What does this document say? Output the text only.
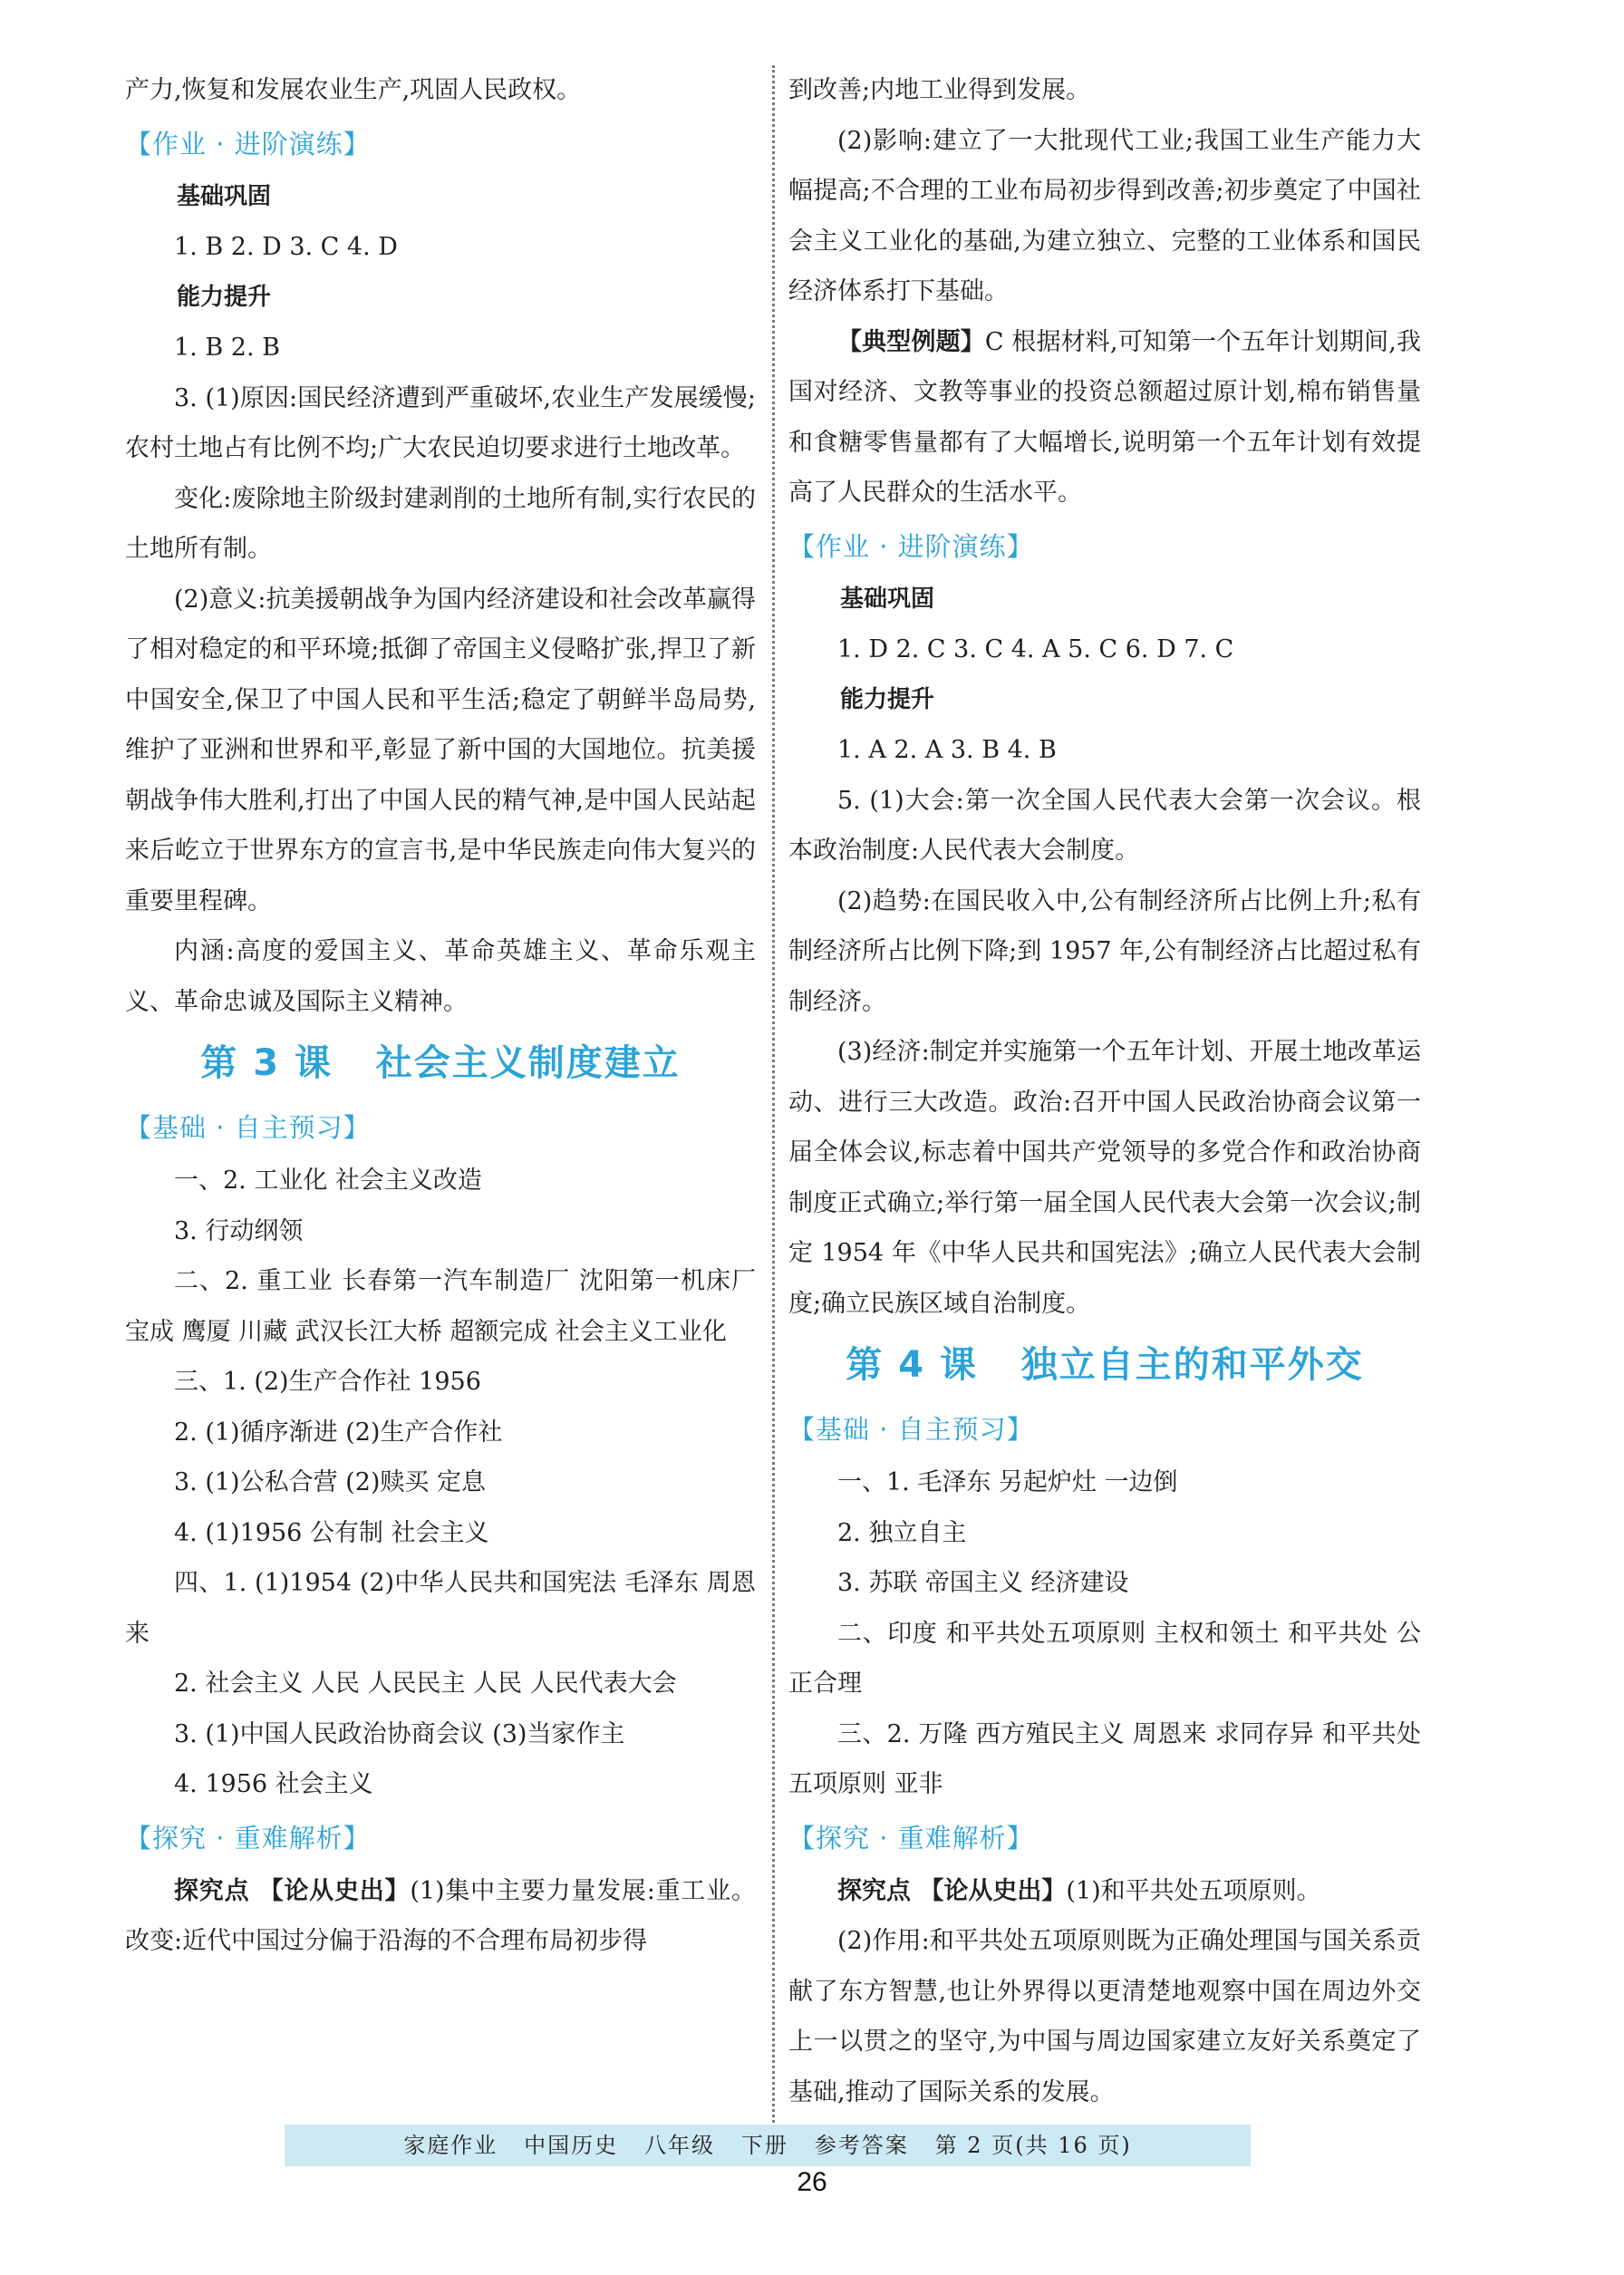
产力,恢复和发展农业生产,巩固人民政权。

【作业 · 进阶演练】
基础巩固

1. B 2. D 3. C 4. D

能力提升

1. B 2. B

3. (1)原因:国民经济遭到严重破坏,农业生产发展缓慢;农村土地占有比例不均;广大农民迫切要求进行土地改革。

变化:废除地主阶级封建剥削的土地所有制,实行农民的土地所有制。

(2)意义:抗美援朝战争为国内经济建设和社会改革赢得了相对稳定的和平环境;抵御了帝国主义侵略扩张,捍卫了新中国安全,保卫了中国人民和平生活;稳定了朝鲜半岛局势,维护了亚洲和世界和平,彰显了新中国的大国地位。抗美援朝战争伟大胜利,打出了中国人民的精气神,是中国人民站起来后屹立于世界东方的宣言书,是中华民族走向伟大复兴的重要里程碑。

内涵:高度的爱国主义、革命英雄主义、革命乐观主义、革命忠诚及国际主义精神。

第 3 课   社会主义制度建立
【基础 · 自主预习】

一、2. 工业化 社会主义改造

3. 行动纲领

二、2. 重工业 长春第一汽车制造厂 沈阳第一机床厂 宝成 鹰厦 川藏 武汉长江大桥 超额完成 社会主义工业化

三、1. (2)生产合作社 1956

2. (1)循序渐进 (2)生产合作社

3. (1)公私合营 (2)赎买 定息

4. (1)1956 公有制 社会主义

四、1. (1)1954 (2)中华人民共和国宪法 毛泽东 周恩来

2. 社会主义 人民 人民民主 人民 人民代表大会

3. (1)中国人民政治协商会议 (3)当家作主

4. 1956 社会主义

【探究 · 重难解析】

探究点 【论从史出】(1)集中主要力量发展:重工业。改变:近代中国过分偏于沿海的不合理布局初步得

到改善;内地工业得到发展。

(2)影响:建立了一大批现代工业;我国工业生产能力大幅提高;不合理的工业布局初步得到改善;初步奠定了中国社会主义工业化的基础,为建立独立、完整的工业体系和国民经济体系打下基础。

【典型例题】C 根据材料,可知第一个五年计划期间,我国对经济、文教等事业的投资总额超过原计划,棉布销售量和食糖零售量都有了大幅增长,说明第一个五年计划有效提高了人民群众的生活水平。

【作业 · 进阶演练】
基础巩固

1. D 2. C 3. C 4. A 5. C 6. D 7. C

能力提升

1. A 2. A 3. B 4. B

5. (1)大会:第一次全国人民代表大会第一次会议。根本政治制度:人民代表大会制度。

(2)趋势:在国民收入中,公有制经济所占比例上升;私有制经济所占比例下降;到 1957 年,公有制经济占比超过私有制经济。

(3)经济:制定并实施第一个五年计划、开展土地改革运动、进行三大改造。政治:召开中国人民政治协商会议第一届全体会议,标志着中国共产党领导的多党合作和政治协商制度正式确立;举行第一届全国人民代表大会第一次会议;制定 1954 年《中华人民共和国宪法》;确立人民代表大会制度;确立民族区域自治制度。

第 4 课   独立自主的和平外交
【基础 · 自主预习】

一、1. 毛泽东 另起炉灶 一边倒

2. 独立自主

3. 苏联 帝国主义 经济建设

二、印度 和平共处五项原则 主权和领土 和平共处 公正合理

三、2. 万隆 西方殖民主义 周恩来 求同存异 和平共处五项原则 亚非

【探究 · 重难解析】

探究点 【论从史出】(1)和平共处五项原则。

(2)作用:和平共处五项原则既为正确处理国与国关系贡献了东方智慧,也让外界得以更清楚地观察中国在周边外交上一以贯之的坚守,为中国与周边国家建立友好关系奠定了基础,推动了国际关系的发展。

家庭作业   中国历史   八年级   下册   参考答案   第 2 页(共 16 页)
26
